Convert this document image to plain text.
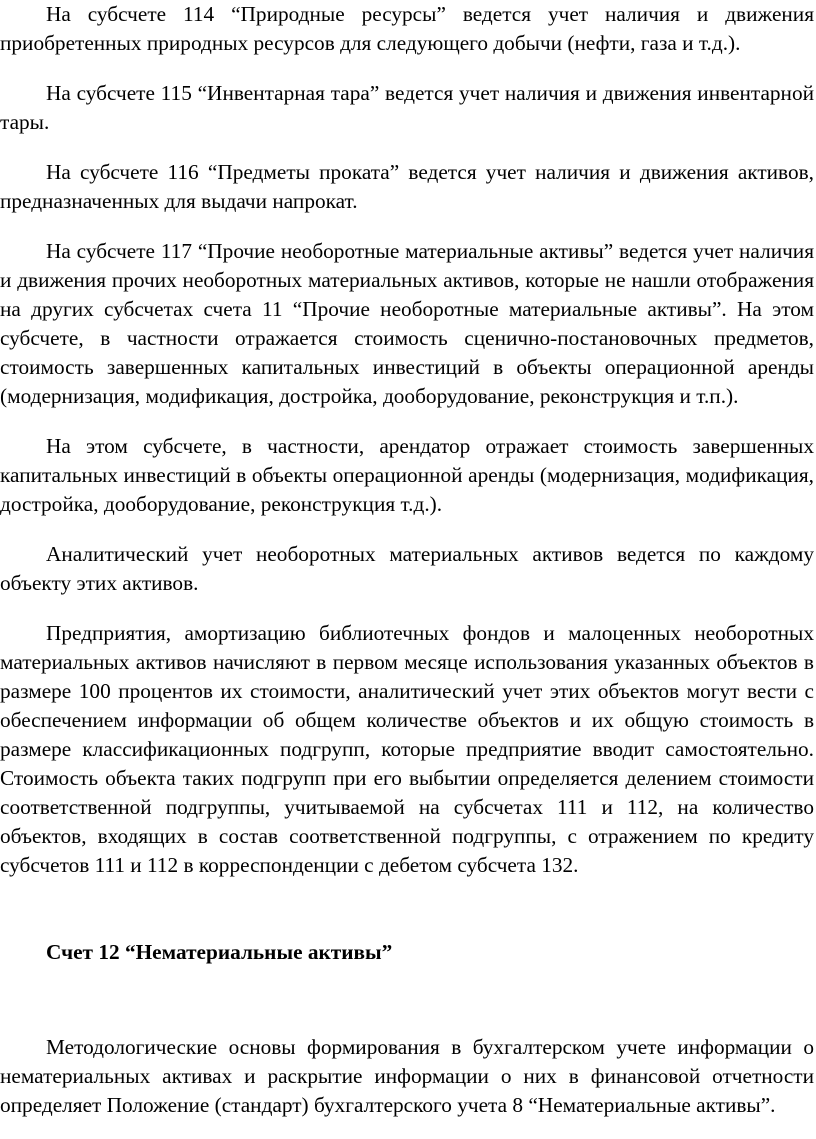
На субсчете 114 “Природные ресурсы” ведется учет наличия и движения приобретенных природных ресурсов для следующего добычи (нефти, газа и т.д.).

На субсчете 115 “Инвентарная тара” ведется учет наличия и движения инвентарной тары.

На субсчете 116 “Предметы проката” ведется учет наличия и движения активов, предназначенных для выдачи напрокат.

На субсчете 117 “Прочие необоротные материальные активы” ведется учет наличия и движения прочих необоротных материальных активов, которые не нашли отображения на других субсчетах счета 11 “Прочие необоротные материальные активы”. На этом субсчете, в частности отражается стоимость сценично-постановочных предметов, стоимость завершенных капитальных инвестиций в объекты операционной аренды (модернизация, модификация, достройка, дооборудование, реконструкция и т.п.).

На этом субсчете, в частности, арендатор отражает стоимость завершенных капитальных инвестиций в объекты операционной аренды (модернизация, модификация, достройка, дооборудование, реконструкция т.д.).

Аналитический учет необоротных материальных активов ведется по каждому объекту этих активов.

Предприятия, амортизацию библиотечных фондов и малоценных необоротных материальных активов начисляют в первом месяце использования указанных объектов в размере 100 процентов их стоимости, аналитический учет этих объектов могут вести с обеспечением информации об общем количестве объектов и их общую стоимость в размере классификационных подгрупп, которые предприятие вводит самостоятельно. Стоимость объекта таких подгрупп при его выбытии определяется делением стоимости соответственной подгруппы, учитываемой на субсчетах 111 и 112, на количество объектов, входящих в состав соответственной подгруппы, с отражением по кредиту субсчетов 111 и 112 в корреспонденции с дебетом субсчета 132.

Счет 12 “Нематериальные активы”

Методологические основы формирования в бухгалтерском учете информации о нематериальных активах и раскрытие информации о них в финансовой отчетности определяет Положение (стандарт) бухгалтерского учета 8 “Нематериальные активы”.
